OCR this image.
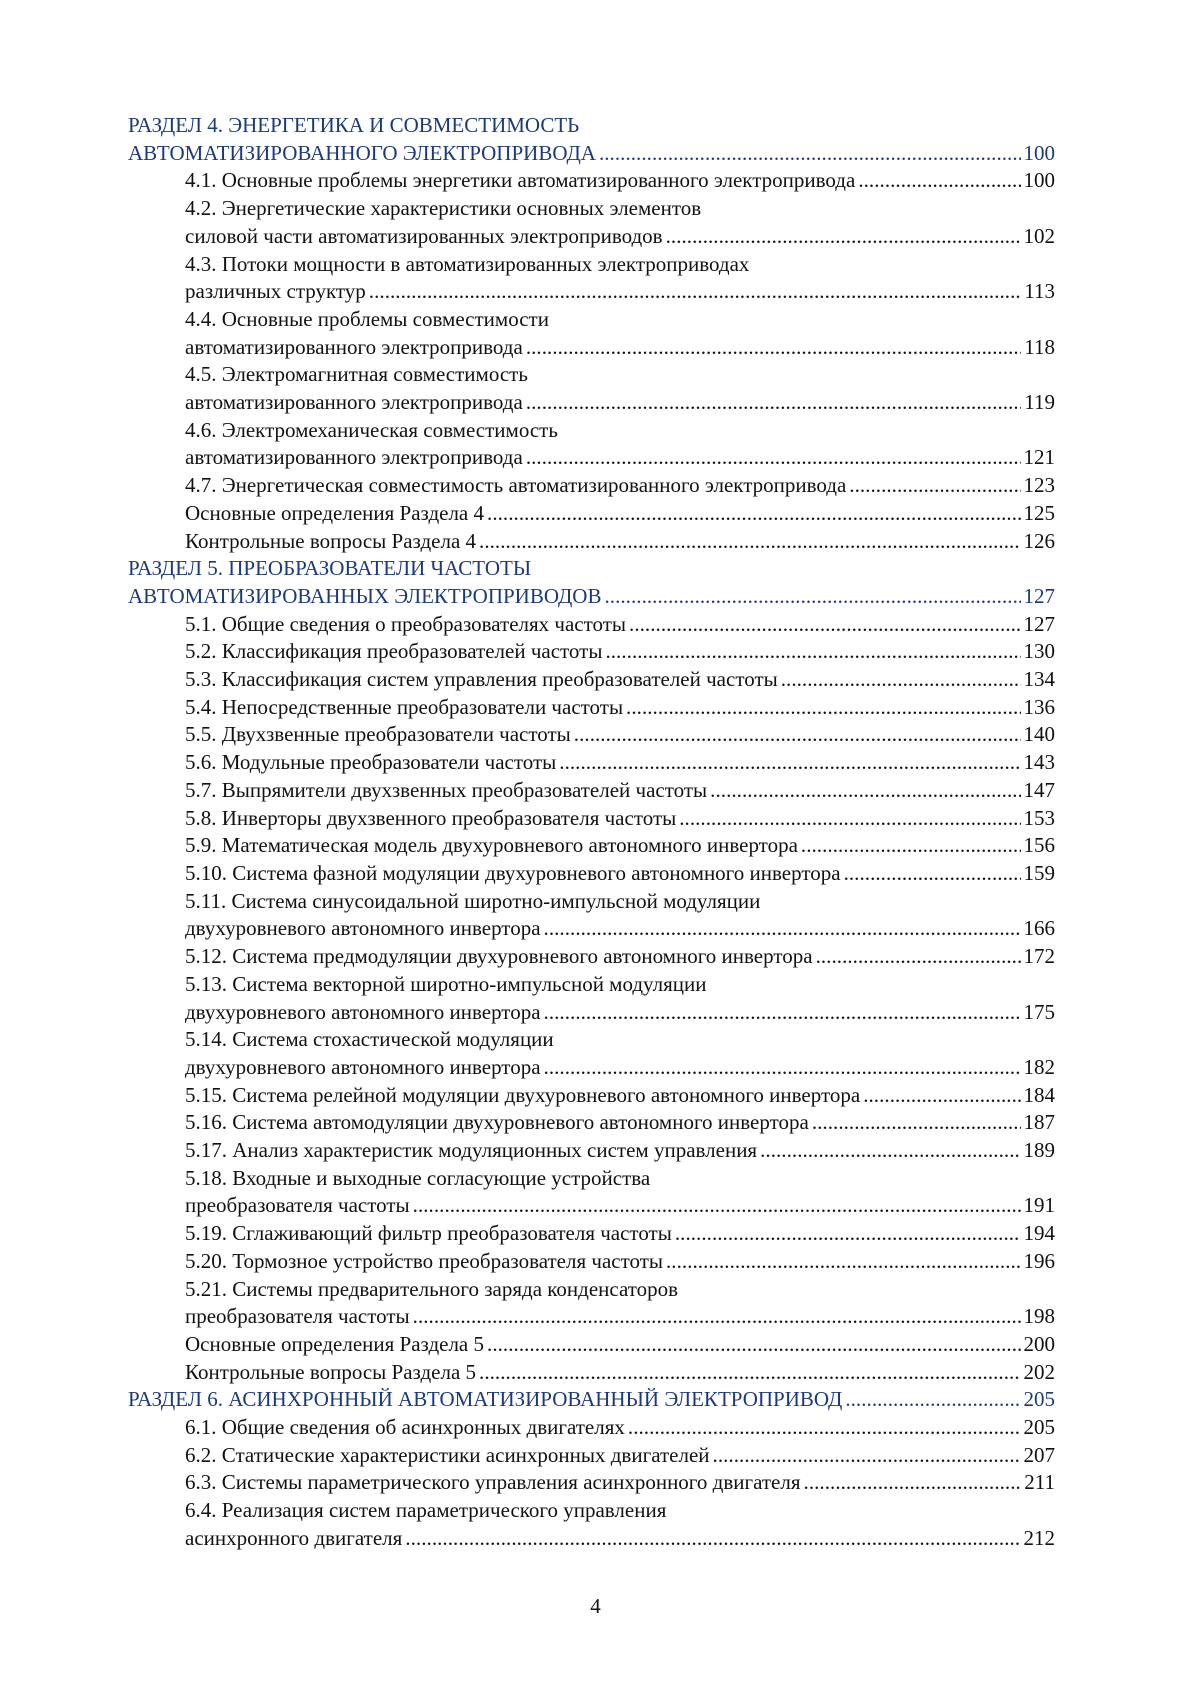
РАЗДЕЛ 4. ЭНЕРГЕТИКА И СОВМЕСТИМОСТЬ
АВТОМАТИЗИРОВАННОГО ЭЛЕКТРОПРИВОДА . . .	100
4.1. Основные проблемы энергетики автоматизированного электропривода . . .	100
4.2. Энергетические характеристики основных элементов
силовой части автоматизированных электроприводов . . .	102
4.3. Потоки мощности в автоматизированных электроприводах
различных структур . . .	113
4.4. Основные проблемы совместимости
автоматизированного электропривода . . .	118
4.5. Электромагнитная совместимость
автоматизированного электропривода . . .	119
4.6. Электромеханическая совместимость
автоматизированного электропривода . . .	121
4.7. Энергетическая совместимость автоматизированного электропривода . . .	123
Основные определения Раздела 4 . . .	125
Контрольные вопросы Раздела 4 . . .	126
РАЗДЕЛ 5. ПРЕОБРАЗОВАТЕЛИ ЧАСТОТЫ
АВТОМАТИЗИРОВАННЫХ ЭЛЕКТРОПРИВОДОВ . . .	127
5.1. Общие сведения о преобразователях частоты . . .	127
5.2. Классификация преобразователей частоты . . .	130
5.3. Классификация систем управления преобразователей частоты . . .	134
5.4. Непосредственные преобразователи частоты . . .	136
5.5. Двухзвенные преобразователи частоты . . .	140
5.6. Модульные преобразователи частоты . . .	143
5.7. Выпрямители двухзвенных преобразователей частоты . . .	147
5.8. Инверторы двухзвенного преобразователя частоты . . .	153
5.9. Математическая модель двухуровневого автономного инвертора . . .	156
5.10. Система фазной модуляции двухуровневого автономного инвертора . . .	159
5.11. Система синусоидальной широтно-импульсной модуляции
двухуровневого автономного инвертора . . .	166
5.12. Система предмодуляции двухуровневого автономного инвертора . . .	172
5.13. Система векторной широтно-импульсной модуляции
двухуровневого автономного инвертора . . .	175
5.14. Система стохастической модуляции
двухуровневого автономного инвертора . . .	182
5.15. Система релейной модуляции двухуровневого автономного инвертора . . .	184
5.16. Система автомодуляции двухуровневого автономного инвертора . . .	187
5.17. Анализ характеристик модуляционных систем управления . . .	189
5.18. Входные и выходные согласующие устройства
преобразователя частоты . . .	191
5.19. Сглаживающий фильтр преобразователя частоты . . .	194
5.20. Тормозное устройство преобразователя частоты . . .	196
5.21. Системы предварительного заряда конденсаторов
преобразователя частоты . . .	198
Основные определения Раздела 5 . . .	200
Контрольные вопросы Раздела 5 . . .	202
РАЗДЕЛ 6. АСИНХРОННЫЙ АВТОМАТИЗИРОВАННЫЙ ЭЛЕКТРОПРИВОД . . .	205
6.1. Общие сведения об асинхронных двигателях . . .	205
6.2. Статические характеристики асинхронных двигателей . . .	207
6.3. Системы параметрического управления асинхронного двигателя . . .	211
6.4. Реализация систем параметрического управления
асинхронного двигателя . . .	212
4
